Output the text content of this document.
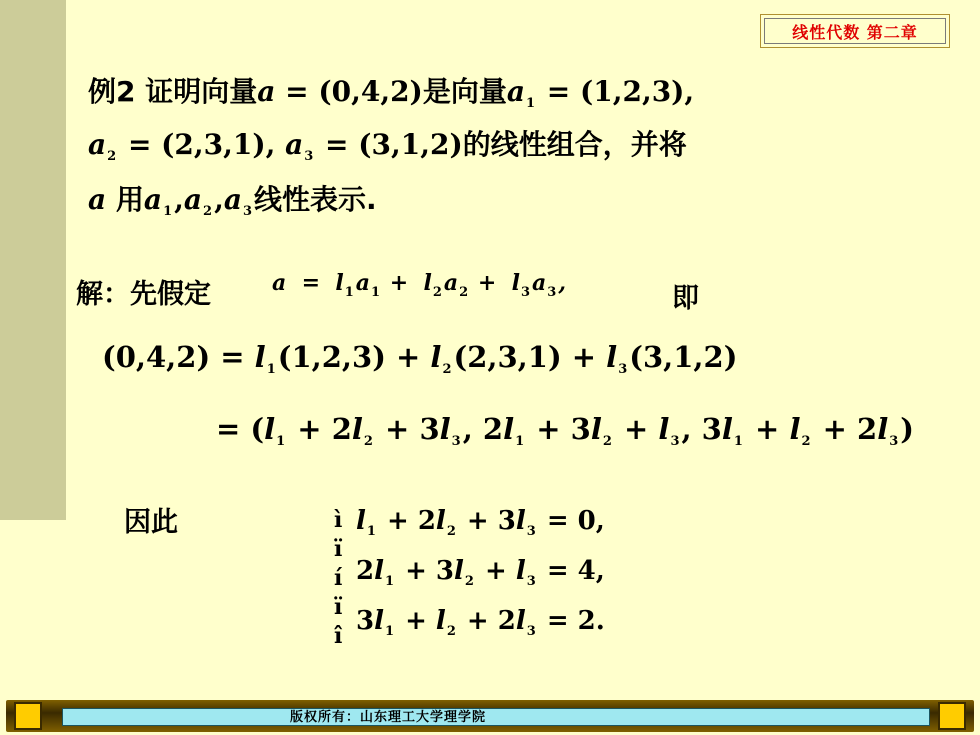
线性代数 第二章
例2 证明向量a = (0,4,2)是向量$a_1 = (1,2,3)$,
$a_2 = (2,3,1)$, $a_3 = (3,1,2)$的线性组合，并将
a 用$a_1,a_2,a_3$线性表示.
解：先假定	$a = l_1a_1 + l_2a_2 + l_3a_3$,	即
$(0,4,2) = l_1(1,2,3) + l_2(2,3,1) + l_3(3,1,2)$
= ($l_1 + 2l_2 + 3l_3$, $2l_1 + 3l_2 + l_3$, $3l_1 + l_2 + 2l_3$)
因此	ì
ï
í
ï
î
$l_1 + 2l_2 + 3l_3 = 0$,
$2l_1 + 3l_2 + l_3 = 4$,
$3l_1 + l_2 + 2l_3 = 2$.
版权所有：山东理工大学理学院
